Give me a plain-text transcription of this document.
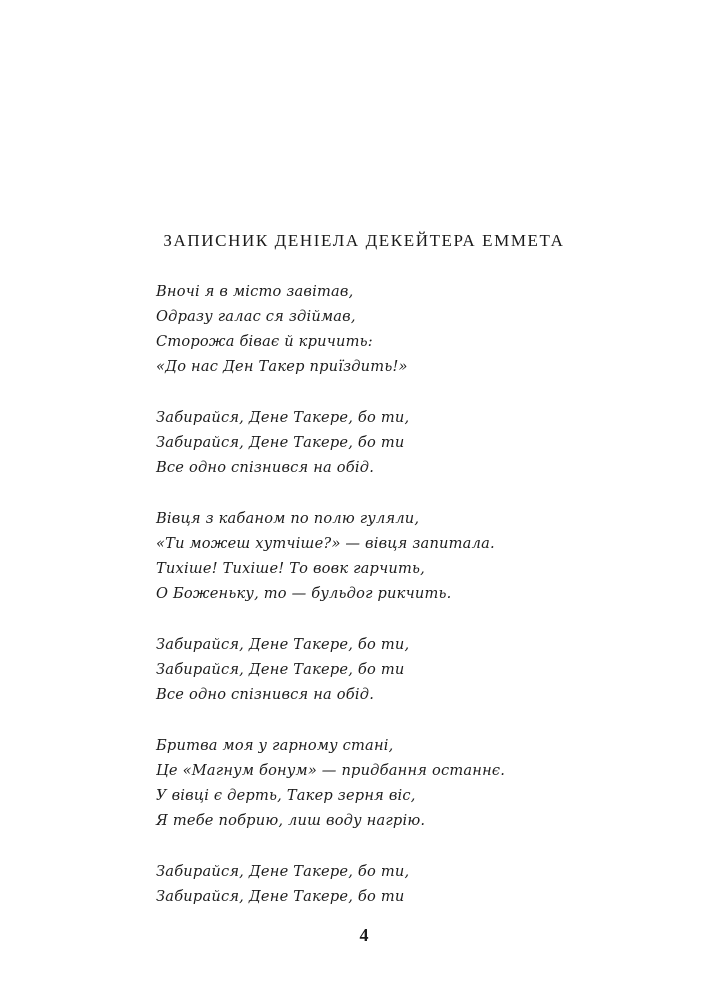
ЗАПИСНИК ДЕНІЕЛА ДЕКЕЙТЕРА ЕММЕТА
Вночі я в місто завітав,
Одразу галас ся здіймав,
Сторожа біває й кричить:
«До нас Ден Такер приїздить!»
Забирайся, Дене Такере, бо ти,
Забирайся, Дене Такере, бо ти
Все одно спізнився на обід.
Вівця з кабаном по полю гуляли,
«Ти можеш хутчіше?» — вівця запитала.
Тихіше! Тихіше! То вовк гарчить,
О Боженьку, то — бульдог рикчить.
Забирайся, Дене Такере, бо ти,
Забирайся, Дене Такере, бо ти
Все одно спізнився на обід.
Бритва моя у гарному стані,
Це «Магнум бонум» — придбання останнє.
У вівці є дерть, Такер зерня віс,
Я тебе побрию, лиш воду нагрію.
Забирайся, Дене Такере, бо ти,
Забирайся, Дене Такере, бо ти
4
